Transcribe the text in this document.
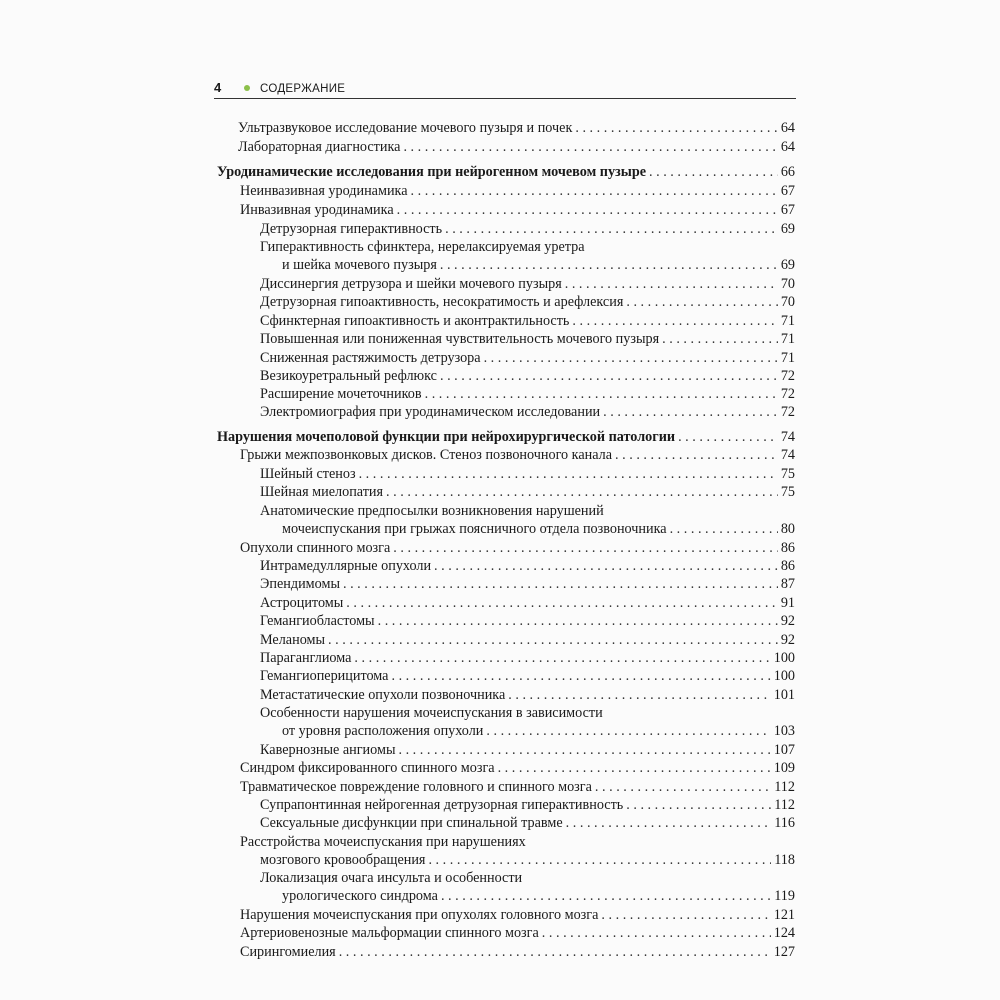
4	СОДЕРЖАНИЕ
Ультразвуковое исследование мочевого пузыря и почек . . .	64
Лабораторная диагностика . . .	64
Уродинамические исследования при нейрогенном мочевом пузыре . . .	66
Неинвазивная уродинамика . . .	67
Инвазивная уродинамика . . .	67
Детрузорная гиперактивность . . .	69
Гиперактивность сфинктера, нерелаксируемая уретра
и шейка мочевого пузыря . . .	69
Диссинергия детрузора и шейки мочевого пузыря . . .	70
Детрузорная гипоактивность, несократимость и арефлексия . . .	70
Сфинктерная гипоактивность и аконтрактильность . . .	71
Повышенная или пониженная чувствительность мочевого пузыря . . .	71
Сниженная растяжимость детрузора . . .	71
Везикоуретральный рефлюкс . . .	72
Расширение мочеточников . . .	72
Электромиография при уродинамическом исследовании . . .	72
Нарушения мочеполовой функции при нейрохирургической патологии . . .	74
Грыжи межпозвонковых дисков. Стеноз позвоночного канала . . .	74
Шейный стеноз . . .	75
Шейная миелопатия . . .	75
Анатомические предпосылки возникновения нарушений
мочеиспускания при грыжах поясничного отдела позвоночника . . .	80
Опухоли спинного мозга . . .	86
Интрамедуллярные опухоли . . .	86
Эпендимомы . . .	87
Астроцитомы . . .	91
Гемангиобластомы . . .	92
Меланомы . . .	92
Параганглиома . . .	100
Гемангиоперицитома . . .	100
Метастатические опухоли позвоночника . . .	101
Особенности нарушения мочеиспускания в зависимости
от уровня расположения опухоли . . .	103
Кавернозные ангиомы . . .	107
Синдром фиксированного спинного мозга . . .	109
Травматическое повреждение головного и спинного мозга . . .	112
Супрапонтинная нейрогенная детрузорная гиперактивность . . .	112
Сексуальные дисфункции при спинальной травме . . .	116
Расстройства мочеиспускания при нарушениях
мозгового кровообращения . . .	118
Локализация очага инсульта и особенности
урологического синдрома . . .	119
Нарушения мочеиспускания при опухолях головного мозга . . .	121
Артериовенозные мальформации спинного мозга . . .	124
Сирингомиелия . . .	127
